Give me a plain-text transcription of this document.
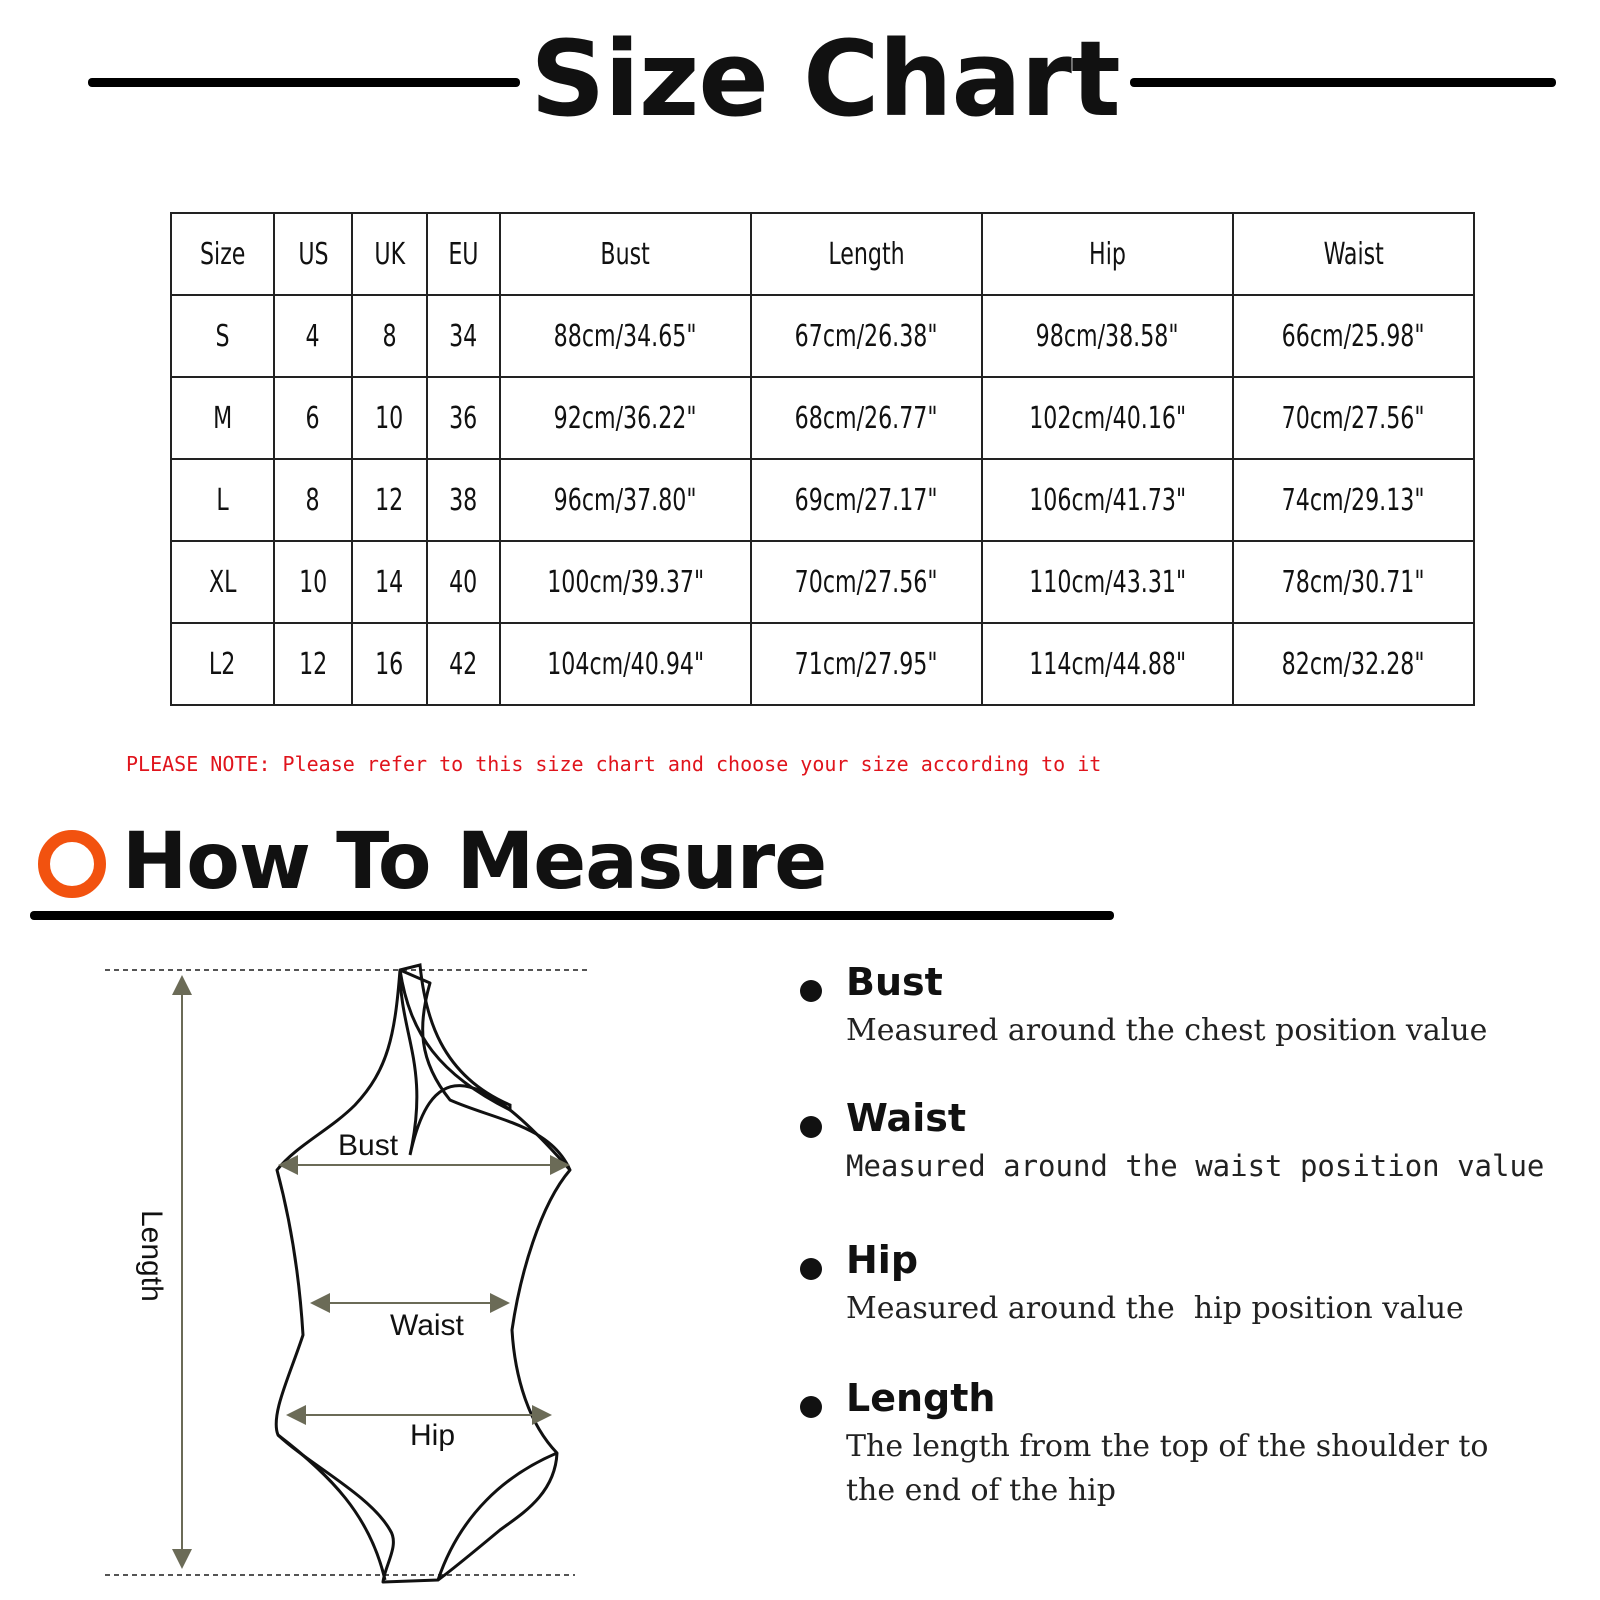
Size Chart
Size	US	UK	EU	Bust	Length	Hip	Waist
S	4	8	34	88cm/34.65"	67cm/26.38"	98cm/38.58"	66cm/25.98"
M	6	10	36	92cm/36.22"	68cm/26.77"	102cm/40.16"	70cm/27.56"
L	8	12	38	96cm/37.80"	69cm/27.17"	106cm/41.73"	74cm/29.13"
XL	10	14	40	100cm/39.37"	70cm/27.56"	110cm/43.31"	78cm/30.71"
L2	12	16	42	104cm/40.94"	71cm/27.95"	114cm/44.88"	82cm/32.28"
PLEASE NOTE: Please refer to this size chart and choose your size according to it
How To Measure
Length
Bust
Waist
Hip
Bust
Measured around the chest position value
Waist
Measured around the waist position value
Hip
Measured around the  hip position value
Length
The length from the top of the shoulder to
the end of the hip
